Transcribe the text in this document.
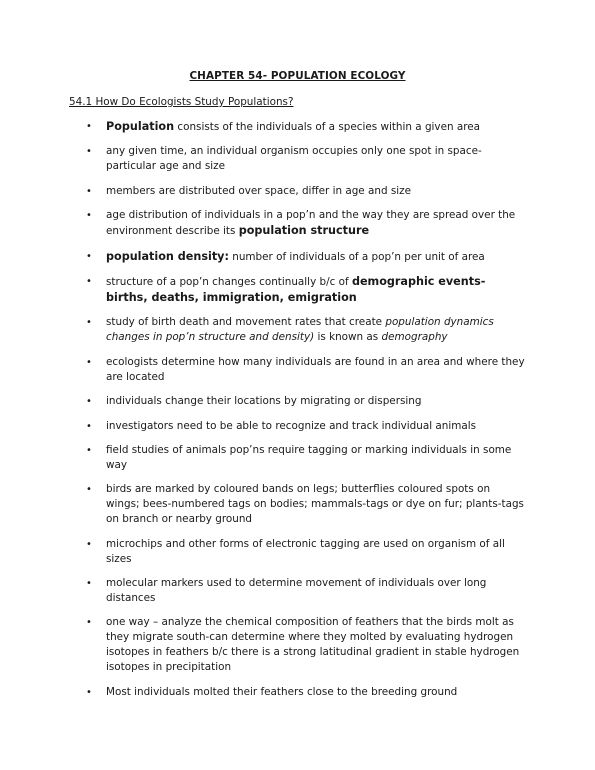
CHAPTER 54- POPULATION ECOLOGY
54.1 How Do Ecologists Study Populations?
• Population consists of the individuals of a species within a given area
• any given time, an individual organism occupies only one spot in space-particular age and size
• members are distributed over space, differ in age and size
• age distribution of individuals in a pop’n and the way they are spread over the environment describe its population structure
• population density: number of individuals of a pop’n per unit of area
• structure of a pop’n changes continually b/c of demographic events- births, deaths, immigration, emigration
• study of birth death and movement rates that create population dynamics changes in pop’n structure and density) is known as demography
• ecologists determine how many individuals are found in an area and where they are located
• individuals change their locations by migrating or dispersing
• investigators need to be able to recognize and track individual animals
• field studies of animals pop’ns require tagging or marking individuals in some way
• birds are marked by coloured bands on legs; butterflies coloured spots on wings; bees-numbered tags on bodies; mammals-tags or dye on fur; plants-tags on branch or nearby ground
• microchips and other forms of electronic tagging are used on organism of all sizes
• molecular markers used to determine movement of individuals over long distances
• one way – analyze the chemical composition of feathers that the birds molt as they migrate south-can determine where they molted by evaluating hydrogen isotopes in feathers b/c there is a strong latitudinal gradient in stable hydrogen isotopes in precipitation
• Most individuals molted their feathers close to the breeding ground
